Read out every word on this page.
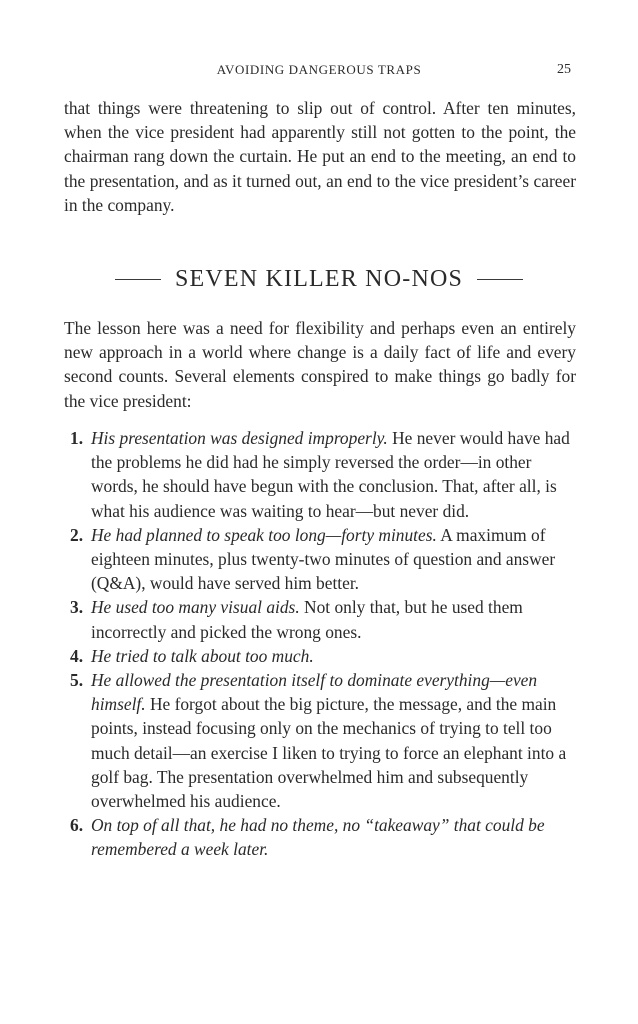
AVOIDING DANGEROUS TRAPS	25

that things were threatening to slip out of control. After ten minutes, when the vice president had apparently still not gotten to the point, the chairman rang down the curtain. He put an end to the meeting, an end to the presentation, and as it turned out, an end to the vice president’s career in the company.

SEVEN KILLER NO-NOS

The lesson here was a need for flexibility and perhaps even an entirely new approach in a world where change is a daily fact of life and every second counts. Several elements conspired to make things go badly for the vice president:

1. His presentation was designed improperly. He never would have had the problems he did had he simply reversed the order—in other words, he should have begun with the conclusion. That, after all, is what his audience was waiting to hear—but never did.
2. He had planned to speak too long—forty minutes. A maximum of eighteen minutes, plus twenty-two minutes of question and answer (Q&A), would have served him better.
3. He used too many visual aids. Not only that, but he used them incorrectly and picked the wrong ones.
4. He tried to talk about too much.
5. He allowed the presentation itself to dominate everything—even himself. He forgot about the big picture, the message, and the main points, instead focusing only on the mechanics of trying to tell too much detail—an exercise I liken to trying to force an elephant into a golf bag. The presentation overwhelmed him and subsequently overwhelmed his audience.
6. On top of all that, he had no theme, no “takeaway” that could be remembered a week later.
